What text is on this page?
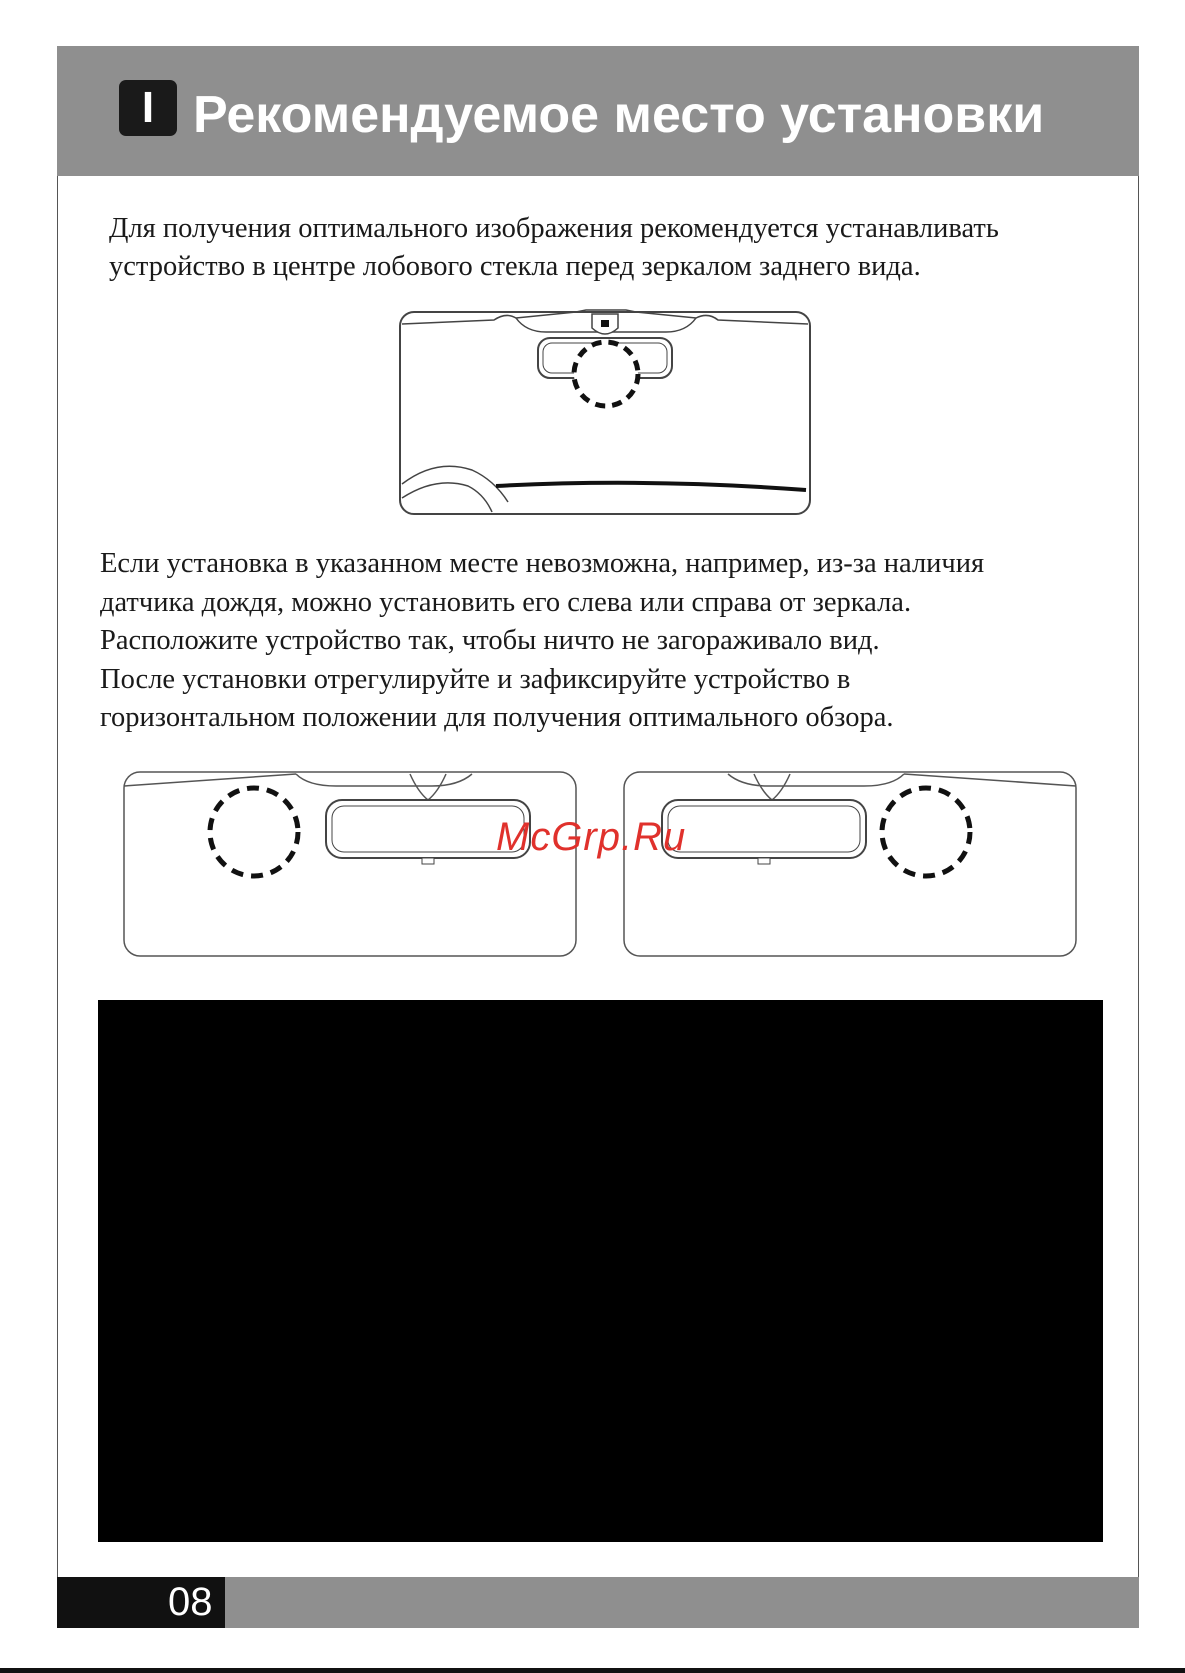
I Рекомендуемое место установки

Для получения оптимального изображения рекомендуется устанавливать
устройство в центре лобового стекла перед зеркалом заднего вида.

Если установка в указанном месте невозможна, например, из-за наличия
датчика дождя, можно установить его слева или справа от зеркала.
Расположите устройство так, чтобы ничто не загораживало вид.
После установки отрегулируйте и зафиксируйте устройство в
горизонтальном положении для получения оптимального обзора.

McGrp.Ru
08
